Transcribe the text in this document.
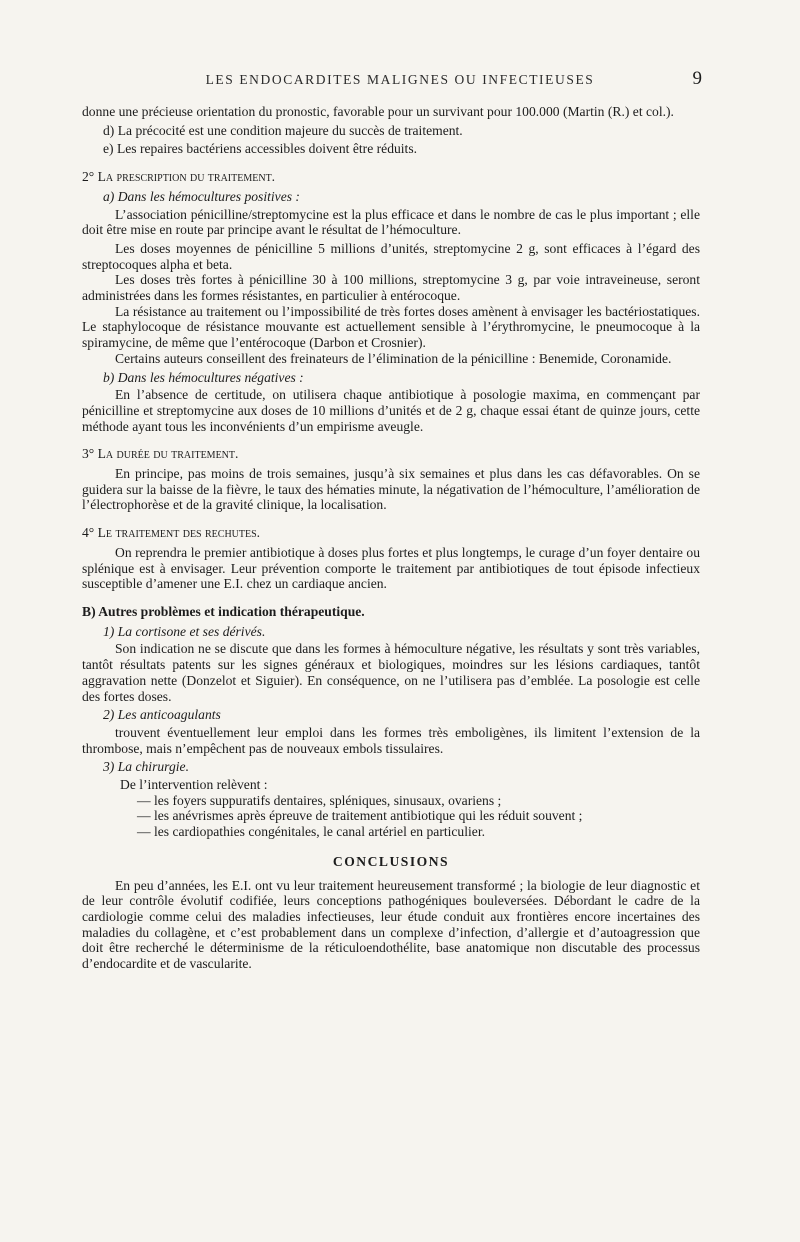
LES ENDOCARDITES MALIGNES OU INFECTIEUSES	9

donne une précieuse orientation du pronostic, favorable pour un survivant pour 100.000 (Martin (R.) et col.).

d) La précocité est une condition majeure du succès de traitement.

e) Les repaires bactériens accessibles doivent être réduits.

2° La prescription du traitement.

a) Dans les hémocultures positives :

L’association pénicilline/streptomycine est la plus efficace et dans le nombre de cas le plus important ; elle doit être mise en route par principe avant le résultat de l’hémoculture.

Les doses moyennes de pénicilline 5 millions d’unités, streptomycine 2 g, sont efficaces à l’égard des streptocoques alpha et beta.

Les doses très fortes à pénicilline 30 à 100 millions, streptomycine 3 g, par voie intraveineuse, seront administrées dans les formes résistantes, en particulier à entérocoque.

La résistance au traitement ou l’impossibilité de très fortes doses amènent à envisager les bactériostatiques. Le staphylocoque de résistance mouvante est actuellement sensible à l’érythromycine, le pneumocoque à la spiramycine, de même que l’entérocoque (Darbon et Crosnier).

Certains auteurs conseillent des freinateurs de l’élimination de la pénicilline : Benemide, Coronamide.

b) Dans les hémocultures négatives :

En l’absence de certitude, on utilisera chaque antibiotique à posologie maxima, en commençant par pénicilline et streptomycine aux doses de 10 millions d’unités et de 2 g, chaque essai étant de quinze jours, cette méthode ayant tous les inconvénients d’un empirisme aveugle.

3° La durée du traitement.

En principe, pas moins de trois semaines, jusqu’à six semaines et plus dans les cas défavorables. On se guidera sur la baisse de la fièvre, le taux des hématies minute, la négativation de l’hémoculture, l’amélioration de l’électrophorèse et de la gravité clinique, la localisation.

4° Le traitement des rechutes.

On reprendra le premier antibiotique à doses plus fortes et plus longtemps, le curage d’un foyer dentaire ou splénique est à envisager. Leur prévention comporte le traitement par antibiotiques de tout épisode infectieux susceptible d’amener une E.I. chez un cardiaque ancien.

B) Autres problèmes et indication thérapeutique.

1) La cortisone et ses dérivés.

Son indication ne se discute que dans les formes à hémoculture négative, les résultats y sont très variables, tantôt résultats patents sur les signes généraux et biologiques, moindres sur les lésions cardiaques, tantôt aggravation nette (Donzelot et Siguier). En conséquence, on ne l’utilisera pas d’emblée. La posologie est celle des fortes doses.

2) Les anticoagulants

trouvent éventuellement leur emploi dans les formes très emboligènes, ils limitent l’extension de la thrombose, mais n’empêchent pas de nouveaux embols tissulaires.

3) La chirurgie.

De l’intervention relèvent :

— les foyers suppuratifs dentaires, spléniques, sinusaux, ovariens ;

— les anévrismes après épreuve de traitement antibiotique qui les réduit souvent ;

— les cardiopathies congénitales, le canal artériel en particulier.

CONCLUSIONS

En peu d’années, les E.I. ont vu leur traitement heureusement transformé ; la biologie de leur diagnostic et de leur contrôle évolutif codifiée, leurs conceptions pathogéniques bouleversées. Débordant le cadre de la cardiologie comme celui des maladies infectieuses, leur étude conduit aux frontières encore incertaines des maladies du collagène, et c’est probablement dans un complexe d’infection, d’allergie et d’autoagression que doit être recherché le déterminisme de la réticuloendothélite, base anatomique non discutable des processus d’endocardite et de vascularite.
